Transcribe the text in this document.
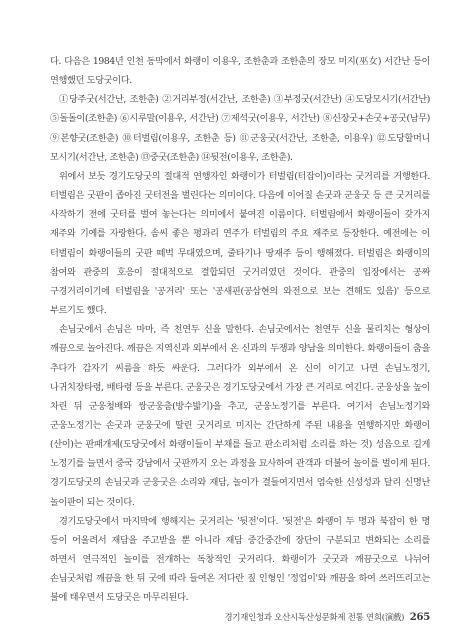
다. 다음은 1984년 인천 동막에서 화랭이 이용우, 조한춘과 조한춘의 장모 미지(巫女) 서간난 등이 연행했던 도당굿이다.

①당주굿(서간난, 조한춘) ②거리부정(서간난, 조한춘) ③부정굿(서간난) ④도당모시기(서간난) ⑤돌돌이(조한춘) ⑥시루말(이용우, 서간난) ⑦제석굿(이용우, 서간난) ⑧신장굿+손굿+공굿(남무) ⑨본향굿(조한춘) ⑩터벌림(이용우, 조한춘 등) ⑪군웅굿(서간난, 조한춘, 이용우) ⑫도당할머니 모시기(서간난, 조한춘) ⑬중굿(조한춘) ⑭뒷전(이용우, 조한춘).

위에서 보듯 경기도당굿의 절대적 연행자인 화랭이가 터벌림(터잡이)이라는 굿거리를 거행한다. 터벌림은 굿판이 좁아진 굿터전을 벌린다는 의미이다. 다음에 이어질 손굿과 군웅굿 등 큰 굿거리를 사작하기 전에 굿터를 벌여 놓는다는 의미에서 붙여진 이름이다. 터벌림에서 화랭이들이 갖가지 재주와 기예를 자랑한다. 솜씨 좋은 평과리 연주가 터벌림의 주요 재주로 등장한다. 예전에는 이 터벌림이 화랭이들의 굿판 떼벅 무대였으며, 줄타기나 땅재주 등이 행해졌다. 터벌림은 화랭이의 참여와 관중의 호응이 절대적으로 결합되던 굿거리였던 것이다. 관중의 입장에서는 공짜 구경거리이기에 터벌림을 '공거리' 또는 '공새핀(공삼현의 와전으로 보는 견해도 있음)' 등으로 부르기도 했다.

손님굿에서 손님은 마마, 즉 천연두 신을 말한다. 손님굿에서는 천연두 신을 물리치는 형상이 깨끔으로 놀아진다. 깨끔은 지역신과 외부에서 온 신과의 두쟁과 양남을 의미한다. 화랭이들이 춤을 추다가 감자기 씨름을 하듯 싸운다. 그러다가 외부에서 온 신이 이기고 나면 손님노정기, 나귀치장타령, 배타령 등을 부른다. 군웅굿은 경기도당굿에서 가장 큰 거리로 여긴다. 군웅상을 높이 차린 뒤 군웅청배와 쌍군웅춤(방수밟기)을 추고, 군웅노정기를 부른다. 여기서 손님노정기와 군웅노정기는 손굿과 군웅굿에 딸린 굿거리로 미지는 간단하게 주된 내용을 연행하지만 화랭이(산이)는 판패개제(도당굿에서 화랭이들이 부채를 들고 판소리처럼 소리를 하는 것) 성음으로 길게 노정기를 늘면서 중국 강남에서 굿판까지 오는 과정을 묘사하여 관객과 더불어 놀이를 벌이게 된다. 경기도당굿의 손님굿과 군웅굿은 소리와 재담, 놀이가 결들여지면서 엄숙한 신성성과 달리 신명난 놀이판이 되는 것이다.

경기도당굿에서 마지막에 행해지는 굿거리는 '뒷전'이다. '뒷전'은 화랭이 두 명과 북잡이 한 명 등이 어울려서 재담을 주고받을 뿐 아니라 재담 중간중간에 장단이 구분되고 변화되는 소리를 하면서 연극적인 놀이를 전개하는 독창적인 굿거리다. 화랭이가 굿굿과 깨끔굿으로 나뉘어 손님굿처럼 깨끔을 한 뒤 굿에 따라 들여온 저다란 짚 인형인 '정업이'와 깨끔을 하여 쓰러뜨리고는 불에 태우면서 도당굿은 마무리된다.

경기재인청과 오산시독산성문화제 전통 연희(演戲) 265
